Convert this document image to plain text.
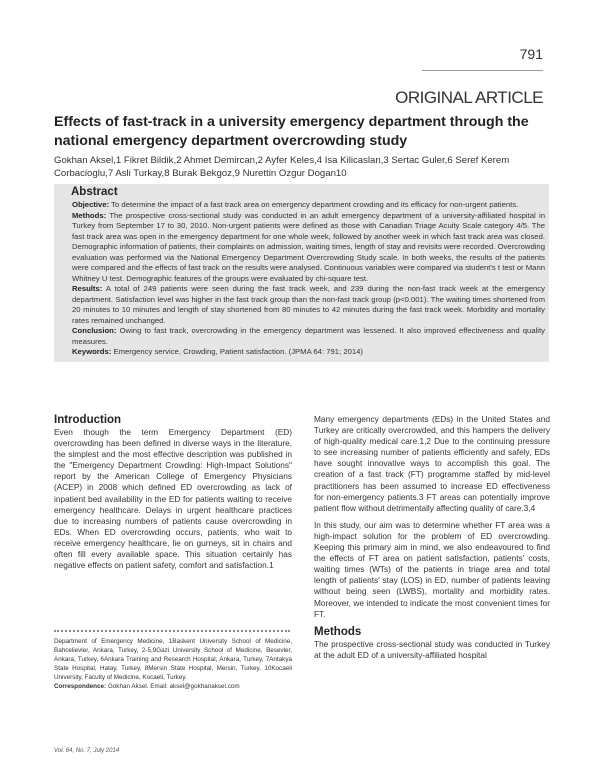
791
ORIGINAL ARTICLE
Effects of fast-track in a university emergency department through the national emergency department overcrowding study
Gokhan Aksel,1 Fikret Bildik,2 Ahmet Demircan,2 Ayfer Keles,4 Isa Kilicaslan,3 Sertac Guler,6 Seref Kerem Corbacioglu,7 Asli Turkay,8 Burak Bekgoz,9 Nurettin Ozgur Dogan10
Abstract

Objective: To determine the impact of a fast track area on emergency department crowding and its efficacy for non-urgent patients.

Methods: The prospective cross-sectional study was conducted in an adult emergency department of a university-affiliated hospital in Turkey from September 17 to 30, 2010. Non-urgent patients were defined as those with Canadian Triage Acuity Scale category 4/5. The fast track area was open in the emergency department for one whole week, followed by another week in which fast track area was closed. Demographic information of patients, their complaints on admission, waiting times, length of stay and revisits were recorded. Overcrowding evaluation was performed via the National Emergency Department Overcrowding Study scale. In both weeks, the results of the patients were compared and the effects of fast track on the results were analysed. Continuous variables were compared via student's t test or Mann Whitney U test. Demographic features of the groups were evaluated by chi-square test.

Results: A total of 249 patients were seen during the fast track week, and 239 during the non-fast track week at the emergency department. Satisfaction level was higher in the fast track group than the non-fast track group (p<0.001). The waiting times shortened from 20 minutes to 10 minutes and length of stay shortened from 80 minutes to 42 minutes during the fast track week. Morbidity and mortality rates remained unchanged.

Conclusion: Owing to fast track, overcrowding in the emergency department was lessened. It also improved effectiveness and quality measures.

Keywords: Emergency service, Crowding, Patient satisfaction. (JPMA 64: 791; 2014)

Introduction

Even though the term Emergency Department (ED) overcrowding has been defined in diverse ways in the literature, the simplest and the most effective description was published in the "Emergency Department Crowding: High-Impact Solutions" report by the American College of Emergency Physicians (ACEP) in 2008 which defined ED overcrowding as lack of inpatient bed availability in the ED for patients waiting to receive emergency healthcare. Delays in urgent healthcare practices due to increasing numbers of patients cause overcrowding in EDs. When ED overcrowding occurs, patients, who wait to receive emergency healthcare, lie on gurneys, sit in chairs and often fill every available space. This situation certainly has negative effects on patient safety, comfort and satisfaction.1

Many emergency departments (EDs) in the United States and Turkey are critically overcrowded, and this hampers the delivery of high-quality medical care.1,2 Due to the continuing pressure to see increasing number of patients efficiently and safely, EDs have sought innovative ways to accomplish this goal. The creation of a fast track (FT) programme staffed by mid-level practitioners has been assumed to increase ED effectiveness for non-emergency patients.3 FT areas can potentially improve patient flow without detrimentally affecting quality of care.3,4

In this study, our aim was to determine whether FT area was a high-impact solution for the problem of ED overcrowding. Keeping this primary aim in mind, we also endeavoured to find the effects of FT area on patient satisfaction, patients' costs, waiting times (WTs) of the patients in triage area and total length of patients' stay (LOS) in ED, number of patients leaving without being seen (LWBS), mortality and morbidity rates. Moreover, we intended to indicate the most convenient times for FT.

Methods

The prospective cross-sectional study was conducted in Turkey at the adult ED of a university-affiliated hospital

Department of Emergency Medicine, 1Baskent University School of Medicine, Bahcelievler, Ankara, Turkey, 2-5,9Gazi University School of Medicine, Besevler, Ankara, Turkey, 6Ankara Training and Research Hospital, Ankara, Turkey, 7Antakya State Hospital, Hatay, Turkey, 8Mersin State Hospital, Mersin, Turkey, 10Kocaeli University, Faculty of Medicine, Kocaeli, Turkey.
Correspondence: Gokhan Aksel. Email: aksel@gokhanaksel.com
Vol. 64, No. 7, July 2014
